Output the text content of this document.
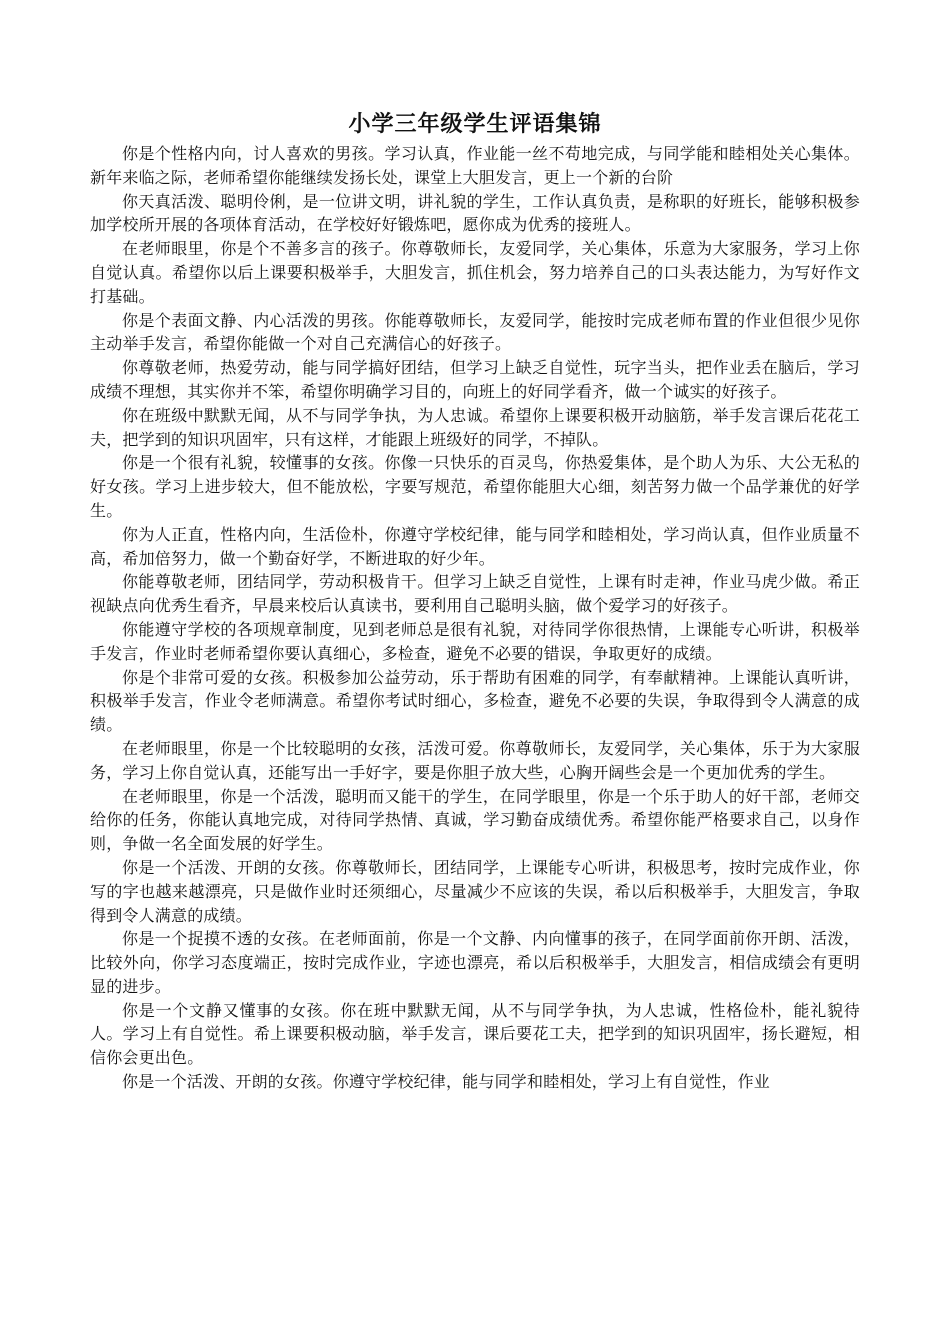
小学三年级学生评语集锦

你是个性格内向，讨人喜欢的男孩。学习认真，作业能一丝不苟地完成，与同学能和睦相处关心集体。新年来临之际，老师希望你能继续发扬长处，课堂上大胆发言，更上一个新的台阶

你天真活泼、聪明伶俐，是一位讲文明，讲礼貌的学生，工作认真负责，是称职的好班长，能够积极参加学校所开展的各项体育活动，在学校好好锻炼吧，愿你成为优秀的接班人。

在老师眼里，你是个不善多言的孩子。你尊敬师长，友爱同学，关心集体，乐意为大家服务，学习上你自觉认真。希望你以后上课要积极举手，大胆发言，抓住机会，努力培养自己的口头表达能力，为写好作文打基础。

你是个表面文静、内心活泼的男孩。你能尊敬师长，友爱同学，能按时完成老师布置的作业但很少见你主动举手发言，希望你能做一个对自己充满信心的好孩子。

你尊敬老师，热爱劳动，能与同学搞好团结，但学习上缺乏自觉性，玩字当头，把作业丢在脑后，学习成绩不理想，其实你并不笨，希望你明确学习目的，向班上的好同学看齐，做一个诚实的好孩子。

你在班级中默默无闻，从不与同学争执，为人忠诚。希望你上课要积极开动脑筋，举手发言课后花花工夫，把学到的知识巩固牢，只有这样，才能跟上班级好的同学，不掉队。

你是一个很有礼貌，较懂事的女孩。你像一只快乐的百灵鸟，你热爱集体，是个助人为乐、大公无私的好女孩。学习上进步较大，但不能放松，字要写规范，希望你能胆大心细，刻苦努力做一个品学兼优的好学生。

你为人正直，性格内向，生活俭朴，你遵守学校纪律，能与同学和睦相处，学习尚认真，但作业质量不高，希加倍努力，做一个勤奋好学，不断进取的好少年。

你能尊敬老师，团结同学，劳动积极肯干。但学习上缺乏自觉性，上课有时走神，作业马虎少做。希正视缺点向优秀生看齐，早晨来校后认真读书，要利用自己聪明头脑，做个爱学习的好孩子。

你能遵守学校的各项规章制度，见到老师总是很有礼貌，对待同学你很热情，上课能专心听讲，积极举手发言，作业时老师希望你要认真细心，多检查，避免不必要的错误，争取更好的成绩。

你是个非常可爱的女孩。积极参加公益劳动，乐于帮助有困难的同学，有奉献精神。上课能认真听讲，积极举手发言，作业令老师满意。希望你考试时细心，多检查，避免不必要的失误，争取得到令人满意的成绩。

在老师眼里，你是一个比较聪明的女孩，活泼可爱。你尊敬师长，友爱同学，关心集体，乐于为大家服务，学习上你自觉认真，还能写出一手好字，要是你胆子放大些，心胸开阔些会是一个更加优秀的学生。

在老师眼里，你是一个活泼，聪明而又能干的学生，在同学眼里，你是一个乐于助人的好干部，老师交给你的任务，你能认真地完成，对待同学热情、真诚，学习勤奋成绩优秀。希望你能严格要求自己，以身作则，争做一名全面发展的好学生。

你是一个活泼、开朗的女孩。你尊敬师长，团结同学，上课能专心听讲，积极思考，按时完成作业，你写的字也越来越漂亮，只是做作业时还须细心，尽量减少不应该的失误，希以后积极举手，大胆发言，争取得到令人满意的成绩。

你是一个捉摸不透的女孩。在老师面前，你是一个文静、内向懂事的孩子，在同学面前你开朗、活泼，比较外向，你学习态度端正，按时完成作业，字迹也漂亮，希以后积极举手，大胆发言，相信成绩会有更明显的进步。

你是一个文静又懂事的女孩。你在班中默默无闻，从不与同学争执，为人忠诚，性格俭朴，能礼貌待人。学习上有自觉性。希上课要积极动脑，举手发言，课后要花工夫，把学到的知识巩固牢，扬长避短，相信你会更出色。

你是一个活泼、开朗的女孩。你遵守学校纪律，能与同学和睦相处，学习上有自觉性，作业
